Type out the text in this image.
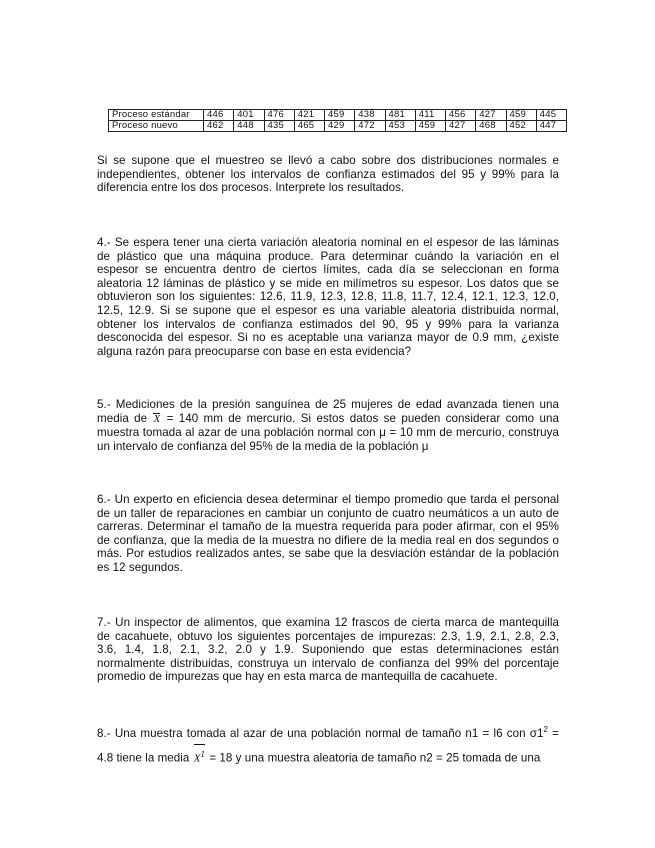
Proceso estándar	446	401	476	421	459	438	481	411	456	427	459	445
Proceso nuevo	462	448	435	465	429	472	453	459	427	468	452	447

Si se supone que el muestreo se llevó a cabo sobre dos distribuciones normales e independientes, obtener los intervalos de confianza estimados del 95 y 99% para la diferencia entre los dos procesos. Interprete los resultados.

4.- Se espera tener una cierta variación aleatoria nominal en el espesor de las láminas de plástico que una máquina produce. Para determinar cuándo la variación en el espesor se encuentra dentro de ciertos límites, cada día se seleccionan en forma aleatoria 12 láminas de plástico y se mide en milímetros su espesor. Los datos que se obtuvieron son los siguientes: 12.6, 11.9, 12.3, 12.8, 11.8, 11.7, 12.4, 12.1, 12.3, 12.0, 12.5, 12.9. Si se supone que el espesor es una variable aleatoria distribuida normal, obtener los intervalos de confianza estimados del 90, 95 y 99% para la varianza desconocida del espesor. Si no es aceptable una varianza mayor de 0.9 mm, ¿existe alguna razón para preocuparse con base en esta evidencia?

5.- Mediciones de la presión sanguínea de 25 mujeres de edad avanzada tienen una media de X = 140 mm de mercurio. Si estos datos se pueden considerar como una muestra tomada al azar de una población normal con μ = 10 mm de mercurio, construya un intervalo de confianza del 95% de la media de la población μ

6.- Un experto en eficiencia desea determinar el tiempo promedio que tarda el personal de un taller de reparaciones en cambiar un conjunto de cuatro neumáticos a un auto de carreras. Determinar el tamaño de la muestra requerida para poder afirmar, con el 95% de confianza, que la media de la muestra no difiere de la media real en dos segundos o más. Por estudios realizados antes, se sabe que la desviación estándar de la población es 12 segundos.

7.- Un inspector de alimentos, que examina 12 frascos de cierta marca de mantequilla de cacahuete, obtuvo los siguientes porcentajes de impurezas: 2.3, 1.9, 2.1, 2.8, 2.3, 3.6, 1.4, 1.8, 2.1, 3.2, 2.0 y 1.9. Suponiendo que estas determinaciones están normalmente distribuidas, construya un intervalo de confianza del 99% del porcentaje promedio de impurezas que hay en esta marca de mantequilla de cacahuete.

8.- Una muestra tomada al azar de una población normal de tamaño n1 = l6 con $\sigma 1^2 = 4.8$ tiene la media $X^1 = 18$ y una muestra aleatoria de tamaño n2 = 25 tomada de una
